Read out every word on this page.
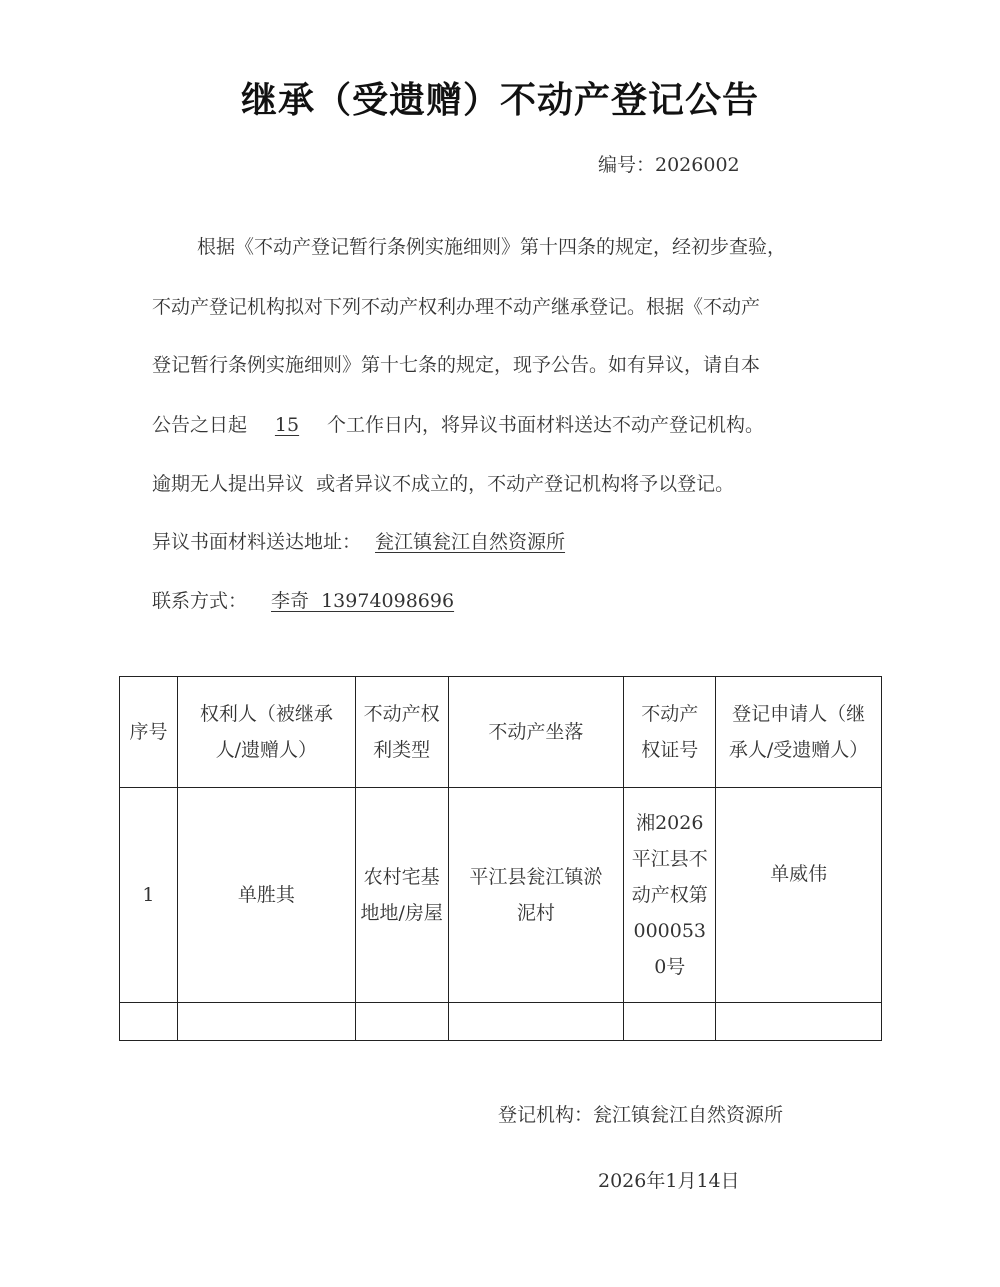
继承（受遗赠）不动产登记公告
编号：2026002
根据《不动产登记暂行条例实施细则》第十四条的规定，经初步查验，
不动产登记机构拟对下列不动产权利办理不动产继承登记。根据《不动产
登记暂行条例实施细则》第十七条的规定，现予公告。如有异议，请自本
公告之日起 15 个工作日内，将异议书面材料送达不动产登记机构。
逾期无人提出异议  或者异议不成立的，不动产登记机构将予以登记。
异议书面材料送达地址： 瓮江镇瓮江自然资源所
联系方式： 李奇  13974098696
序号	权利人（被继承人/遗赠人）	不动产权利类型	不动产坐落	不动产权证号	登记申请人（继承人/受遗赠人）

1	单胜其	农村宅基地地/房屋	平江县瓮江镇淤泥村	湘2026平江县不动产权第0000530号	单威伟

登记机构：瓮江镇瓮江自然资源所
2026年1月14日
